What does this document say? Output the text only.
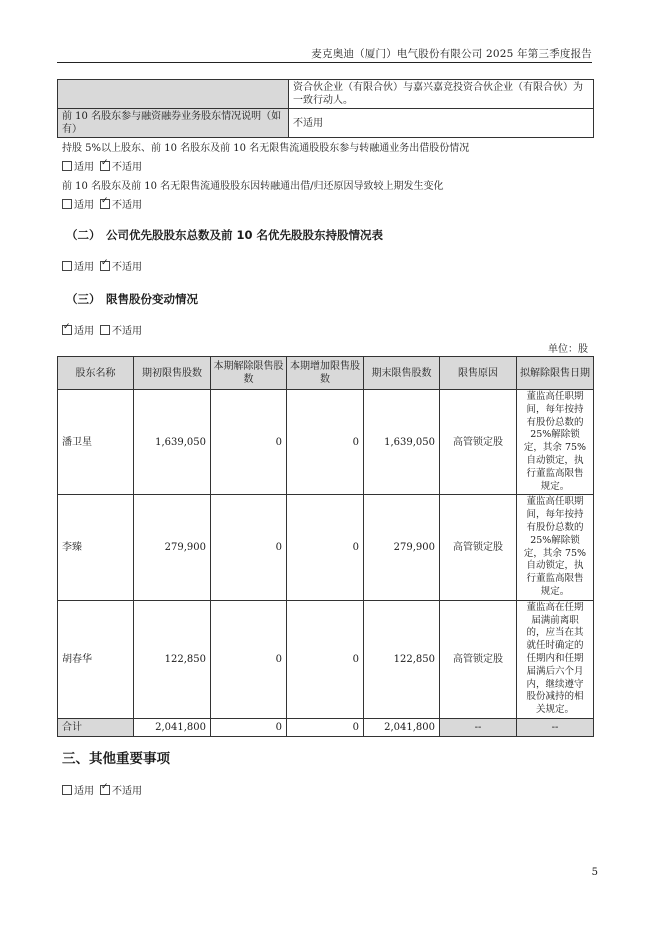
麦克奥迪（厦门）电气股份有限公司 2025 年第三季度报告
	资合伙企业（有限合伙）与嘉兴嘉竞投资合伙企业（有限合伙）为一致行动人。
前 10 名股东参与融资融券业务股东情况说明（如有）	不适用
持股 5%以上股东、前 10 名股东及前 10 名无限售流通股股东参与转融通业务出借股份情况
适用 ✓ 不适用
前 10 名股东及前 10 名无限售流通股股东因转融通出借/归还原因导致较上期发生变化
适用 ✓ 不适用
（二） 公司优先股股东总数及前 10 名优先股股东持股情况表
适用 ✓ 不适用
（三） 限售股份变动情况
✓适用 不适用
单位：股
股东名称	期初限售股数	本期解除限售股数	本期增加限售股数	期末限售股数	限售原因	拟解除限售日期
潘卫星	1,639,050	0	0	1,639,050	高管锁定股	董监高任职期间，每年按持有股份总数的 25%解除锁定，其余 75%自动锁定，执行董监高限售规定。
李臻	279,900	0	0	279,900	高管锁定股	董监高任职期间，每年按持有股份总数的 25%解除锁定，其余 75%自动锁定，执行董监高限售规定。
胡春华	122,850	0	0	122,850	高管锁定股	董监高在任期届满前离职的，应当在其就任时确定的任期内和任期届满后六个月内，继续遵守股份减持的相关规定。
合计	2,041,800	0	0	2,041,800	--	--
三、其他重要事项
适用 ✓ 不适用
5
